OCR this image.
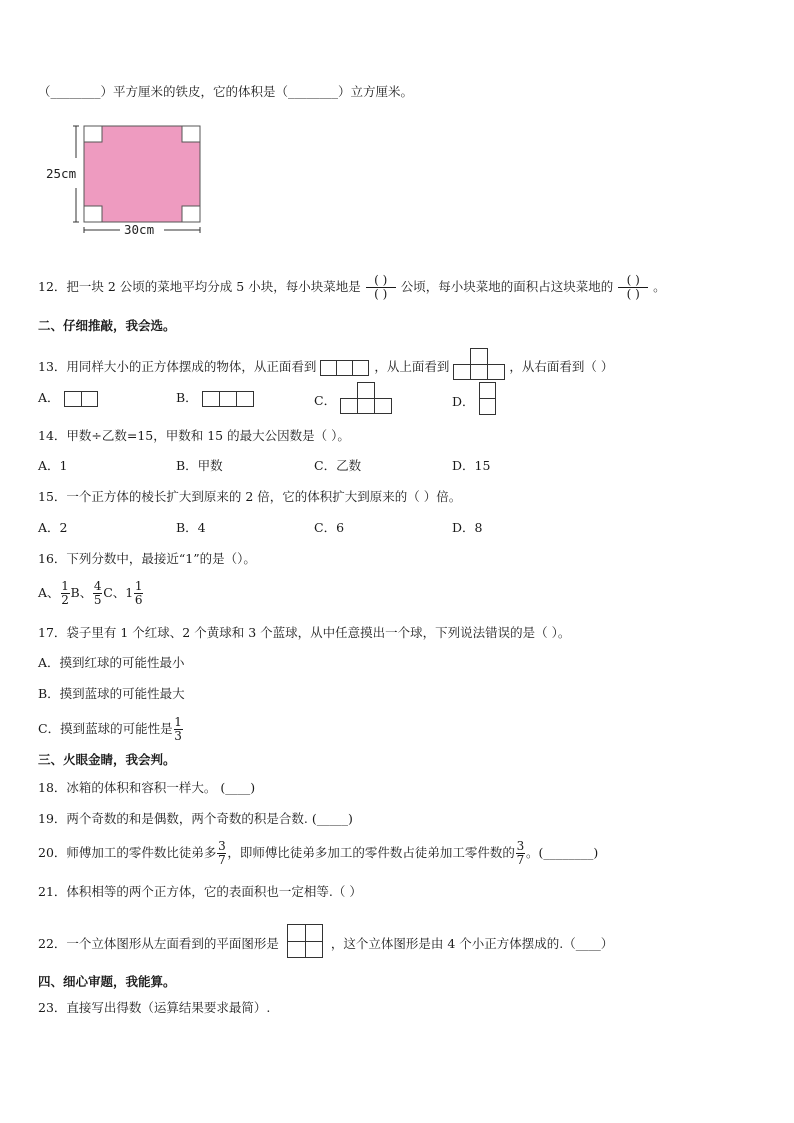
（________）平方厘米的铁皮，它的体积是（________）立方厘米。
25cm
30cm
12．把一块 2 公顷的菜地平均分成 5 小块，每小块菜地是 $\frac{( )}{( )}$ 公顷，每小块菜地的面积占这块菜地的 $\frac{( )}{( )}$ 。
二、仔细推敲，我会选。
13．用同样大小的正方体摆成的物体，从正面看到	，从上面看到	，从右面看到（ ）
A．	B．	C．	D．
14．甲数÷乙数=15，甲数和 15 的最大公因数是（ ）。
A．1	B．甲数	C．乙数	D．15
15．一个正方体的棱长扩大到原来的 2 倍，它的体积扩大到原来的（ ）倍。
A．2	B．4	C．6	D．8
16．下列分数中，最接近“1”的是（）。
A、 $\frac{1}{2}$ B、 $\frac{4}{5}$ C、$1 \frac{1}{6}$
17．袋子里有 1 个红球、2 个黄球和 3 个蓝球，从中任意摸出一个球，下列说法错误的是（ ）。
A．摸到红球的可能性最小
B．摸到蓝球的可能性最大
C．摸到蓝球的可能性是 $\frac{1}{3}$
三、火眼金睛，我会判。
18．冰箱的体积和容积一样大。 (____)
19．两个奇数的和是偶数，两个奇数的积是合数. (_____)
20．师傅加工的零件数比徒弟多 $\frac{3}{7}$ ，即师傅比徒弟多加工的零件数占徒弟加工零件数的 $\frac{3}{7}$ 。(________)
21．体积相等的两个正方体，它的表面积也一定相等.（ ）
22．一个立体图形从左面看到的平面图形是	，这个立体图形是由 4 个小正方体摆成的.（____）
四、细心审题，我能算。
23．直接写出得数（运算结果要求最简）.
